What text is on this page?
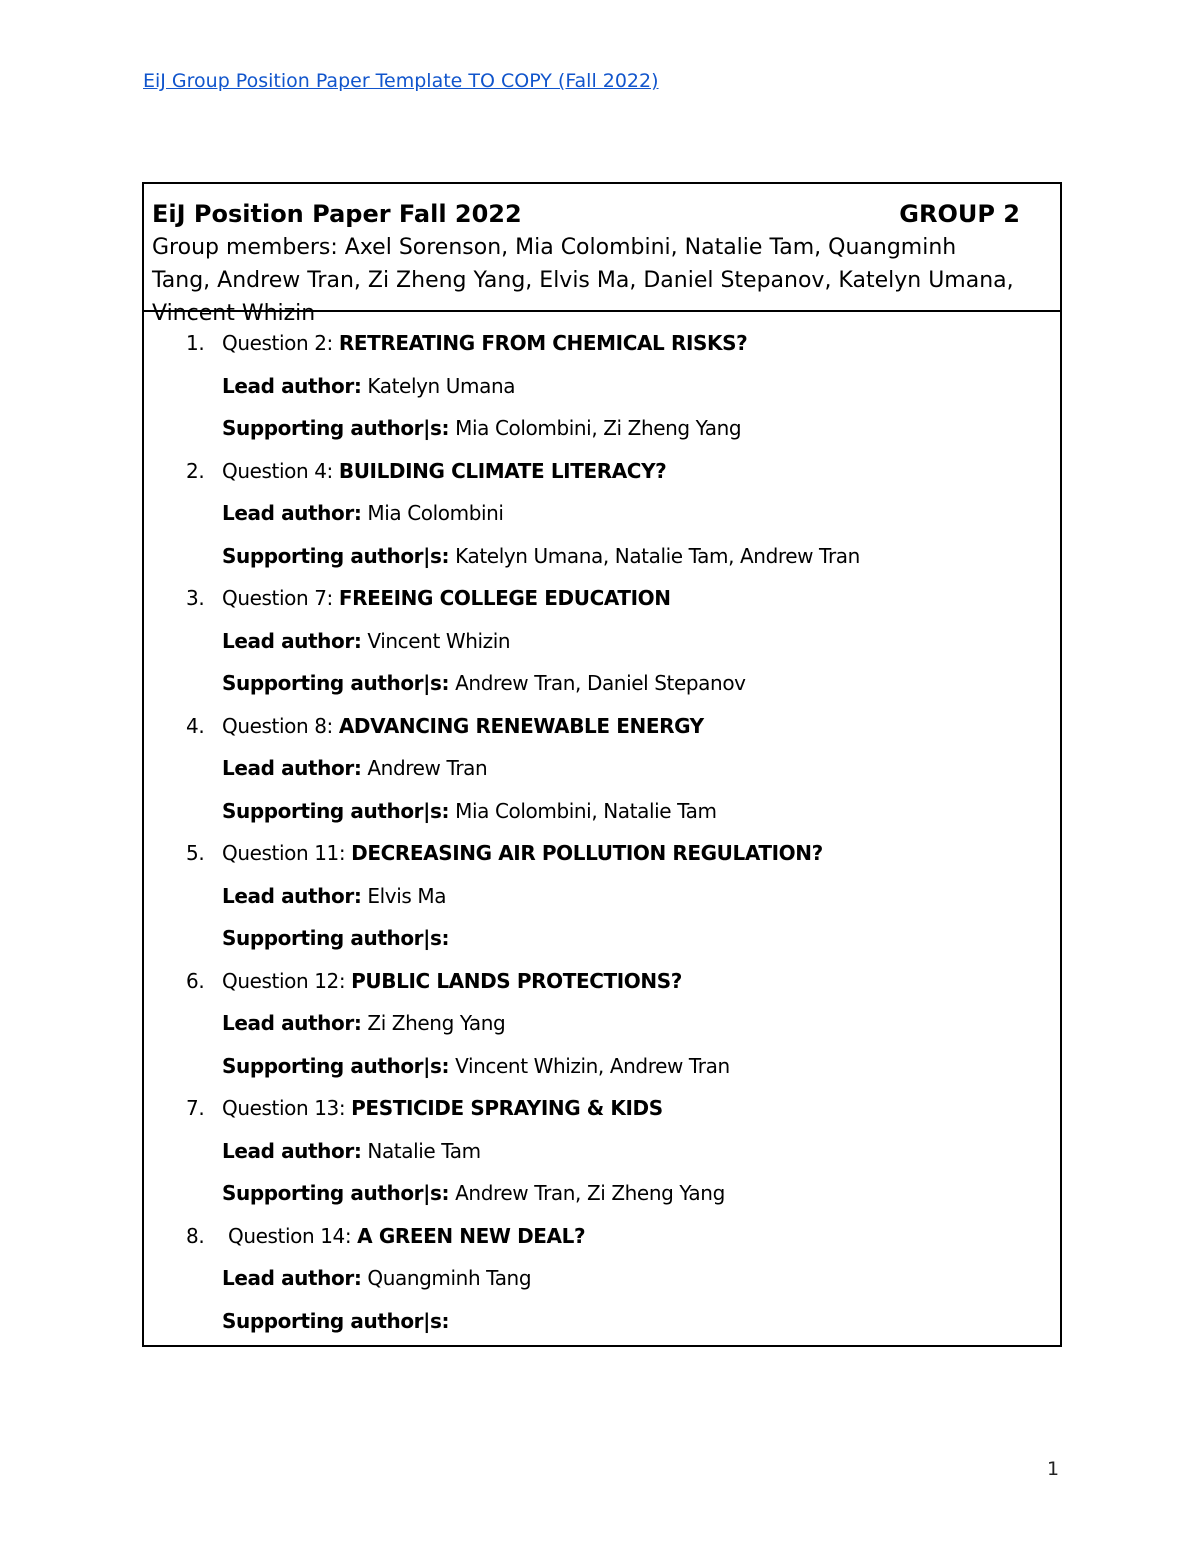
EiJ Group Position Paper Template TO COPY (Fall 2022)
EiJ Position Paper Fall 2022	GROUP 2
Group members: Axel Sorenson, Mia Colombini, Natalie Tam, Quangminh Tang, Andrew Tran, Zi Zheng Yang, Elvis Ma, Daniel Stepanov, Katelyn Umana, Vincent Whizin
1. Question 2: RETREATING FROM CHEMICAL RISKS?
Lead author: Katelyn Umana
Supporting author|s: Mia Colombini, Zi Zheng Yang
2. Question 4: BUILDING CLIMATE LITERACY?
Lead author: Mia Colombini
Supporting author|s: Katelyn Umana, Natalie Tam, Andrew Tran
3. Question 7: FREEING COLLEGE EDUCATION
Lead author: Vincent Whizin
Supporting author|s: Andrew Tran, Daniel Stepanov
4. Question 8: ADVANCING RENEWABLE ENERGY
Lead author: Andrew Tran
Supporting author|s: Mia Colombini, Natalie Tam
5. Question 11: DECREASING AIR POLLUTION REGULATION?
Lead author: Elvis Ma
Supporting author|s:
6. Question 12: PUBLIC LANDS PROTECTIONS?
Lead author: Zi Zheng Yang
Supporting author|s: Vincent Whizin, Andrew Tran
7. Question 13: PESTICIDE SPRAYING & KIDS
Lead author: Natalie Tam
Supporting author|s: Andrew Tran, Zi Zheng Yang
8.	Question 14: A GREEN NEW DEAL?
Lead author: Quangminh Tang
Supporting author|s:
1
